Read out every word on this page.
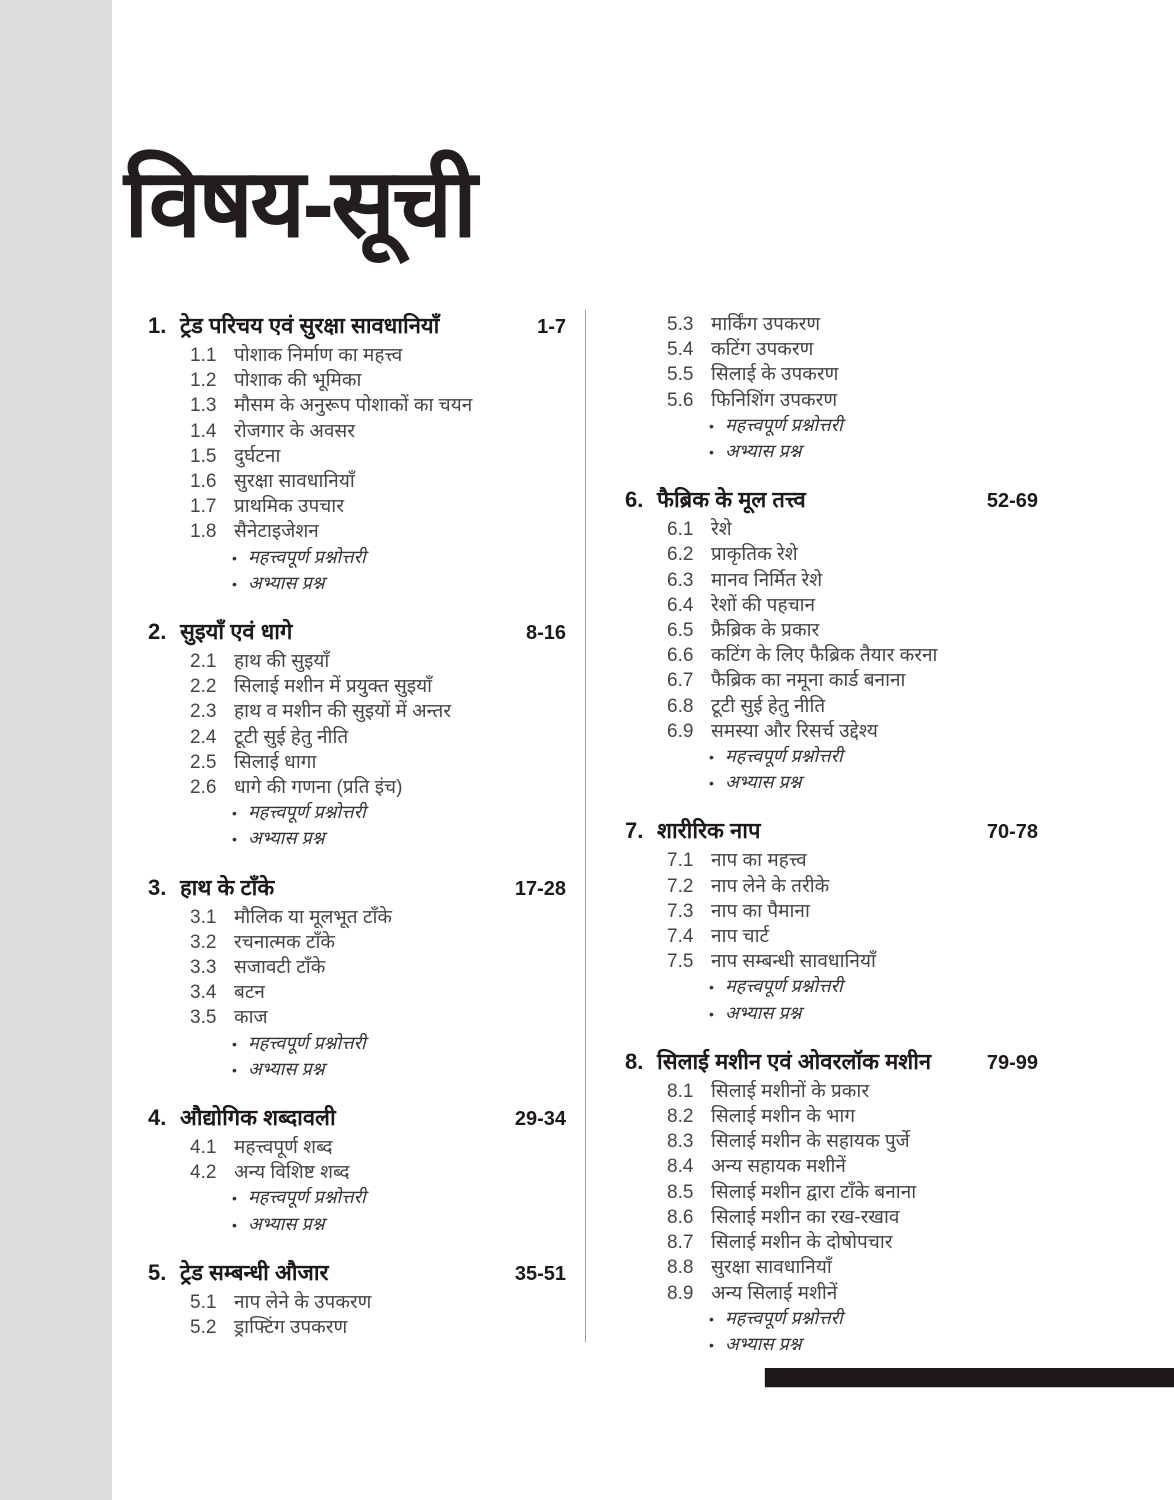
विषय-सूची
1. ट्रेड परिचय एवं सुरक्षा सावधानियाँ	1-7
1.1 पोशाक निर्माण का महत्त्व
1.2 पोशाक की भूमिका
1.3 मौसम के अनुरूप पोशाकों का चयन
1.4 रोजगार के अवसर
1.5 दुर्घटना
1.6 सुरक्षा सावधानियाँ
1.7 प्राथमिक उपचार
1.8 सैनेटाइजेशन
• महत्त्वपूर्ण प्रश्नोत्तरी
• अभ्यास प्रश्न
2. सुइयाँ एवं धागे	8-16
2.1 हाथ की सुइयाँ
2.2 सिलाई मशीन में प्रयुक्त सुइयाँ
2.3 हाथ व मशीन की सुइयों में अन्तर
2.4 टूटी सुई हेतु नीति
2.5 सिलाई धागा
2.6 धागे की गणना (प्रति इंच)
• महत्त्वपूर्ण प्रश्नोत्तरी
• अभ्यास प्रश्न
3. हाथ के टाँके	17-28
3.1 मौलिक या मूलभूत टाँके
3.2 रचनात्मक टाँके
3.3 सजावटी टाँके
3.4 बटन
3.5 काज
• महत्त्वपूर्ण प्रश्नोत्तरी
• अभ्यास प्रश्न
4. औद्योगिक शब्दावली	29-34
4.1 महत्त्वपूर्ण शब्द
4.2 अन्य विशिष्ट शब्द
• महत्त्वपूर्ण प्रश्नोत्तरी
• अभ्यास प्रश्न
5. ट्रेड सम्बन्धी औजार	35-51
5.1 नाप लेने के उपकरण
5.2 ड्राफ्टिंग उपकरण
5.3 मार्किंग उपकरण
5.4 कटिंग उपकरण
5.5 सिलाई के उपकरण
5.6 फिनिशिंग उपकरण
• महत्त्वपूर्ण प्रश्नोत्तरी
• अभ्यास प्रश्न
6. फैब्रिक के मूल तत्त्व	52-69
6.1 रेशे
6.2 प्राकृतिक रेशे
6.3 मानव निर्मित रेशे
6.4 रेशों की पहचान
6.5 फ्रैब्रिक के प्रकार
6.6 कटिंग के लिए फैब्रिक तैयार करना
6.7 फैब्रिक का नमूना कार्ड बनाना
6.8 टूटी सुई हेतु नीति
6.9 समस्या और रिसर्च उद्देश्य
• महत्त्वपूर्ण प्रश्नोत्तरी
• अभ्यास प्रश्न
7. शारीरिक नाप	70-78
7.1 नाप का महत्त्व
7.2 नाप लेने के तरीके
7.3 नाप का पैमाना
7.4 नाप चार्ट
7.5 नाप सम्बन्धी सावधानियाँ
• महत्त्वपूर्ण प्रश्नोत्तरी
• अभ्यास प्रश्न
8. सिलाई मशीन एवं ओवरलॉक मशीन	79-99
8.1 सिलाई मशीनों के प्रकार
8.2 सिलाई मशीन के भाग
8.3 सिलाई मशीन के सहायक पुर्जे
8.4 अन्य सहायक मशीनें
8.5 सिलाई मशीन द्वारा टाँके बनाना
8.6 सिलाई मशीन का रख-रखाव
8.7 सिलाई मशीन के दोषोपचार
8.8 सुरक्षा सावधानियाँ
8.9 अन्य सिलाई मशीनें
• महत्त्वपूर्ण प्रश्नोत्तरी
• अभ्यास प्रश्न
